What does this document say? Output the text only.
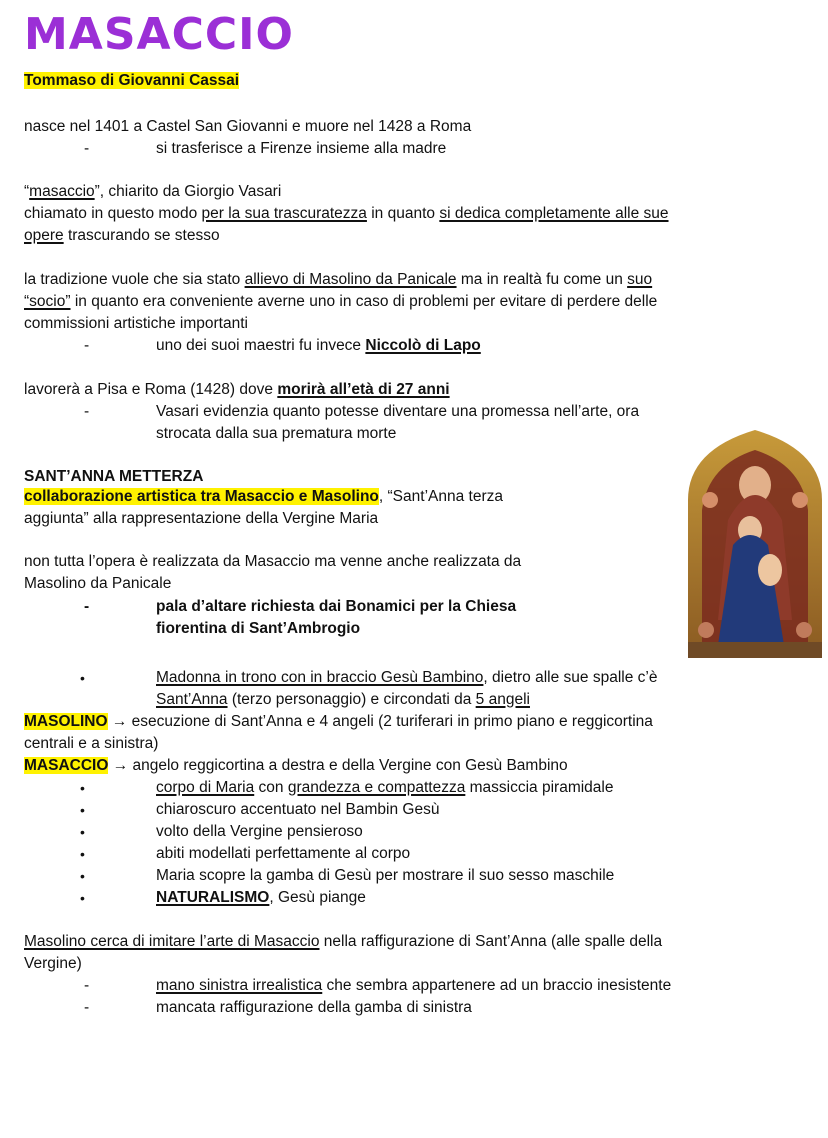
MASACCIO
Tommaso di Giovanni Cassai
nasce nel 1401 a Castel San Giovanni e muore nel 1428 a Roma
-	si trasferisce a Firenze insieme alla madre
“masaccio”, chiarito da Giorgio Vasari
chiamato in questo modo per la sua trascuratezza in quanto si dedica completamente alle sue
opere trascurando se stesso
la tradizione vuole che sia stato allievo di Masolino da Panicale ma in realtà fu come un suo
“socio” in quanto era conveniente averne uno in caso di problemi per evitare di perdere delle
commissioni artistiche importanti
-	uno dei suoi maestri fu invece Niccolò di Lapo
lavorerà a Pisa e Roma (1428) dove morirà all’età di 27 anni
-	Vasari evidenzia quanto potesse diventare una promessa nell’arte, ora
strocata dalla sua prematura morte
SANT’ANNA METTERZA
collaborazione artistica tra Masaccio e Masolino, “Sant’Anna terza
aggiunta” alla rappresentazione della Vergine Maria
non tutta l’opera è realizzata da Masaccio ma venne anche realizzata da
Masolino da Panicale
-	pala d’altare richiesta dai Bonamici per la Chiesa
fiorentina di Sant’Ambrogio
•	Madonna in trono con in braccio Gesù Bambino, dietro alle sue spalle c’è
Sant’Anna (terzo personaggio) e circondati da 5 angeli
MASOLINO → esecuzione di Sant’Anna e 4 angeli (2 turiferari in primo piano e reggicortina
centrali e a sinistra)
MASACCIO → angelo reggicortina a destra e della Vergine con Gesù Bambino
•	corpo di Maria con grandezza e compattezza massiccia piramidale
•	chiaroscuro accentuato nel Bambin Gesù
•	volto della Vergine pensieroso
•	abiti modellati perfettamente al corpo
•	Maria scopre la gamba di Gesù per mostrare il suo sesso maschile
•	NATURALISMO, Gesù piange
Masolino cerca di imitare l’arte di Masaccio nella raffigurazione di Sant’Anna (alle spalle della
Vergine)
-	mano sinistra irrealistica che sembra appartenere ad un braccio inesistente
-	mancata raffigurazione della gamba di sinistra
